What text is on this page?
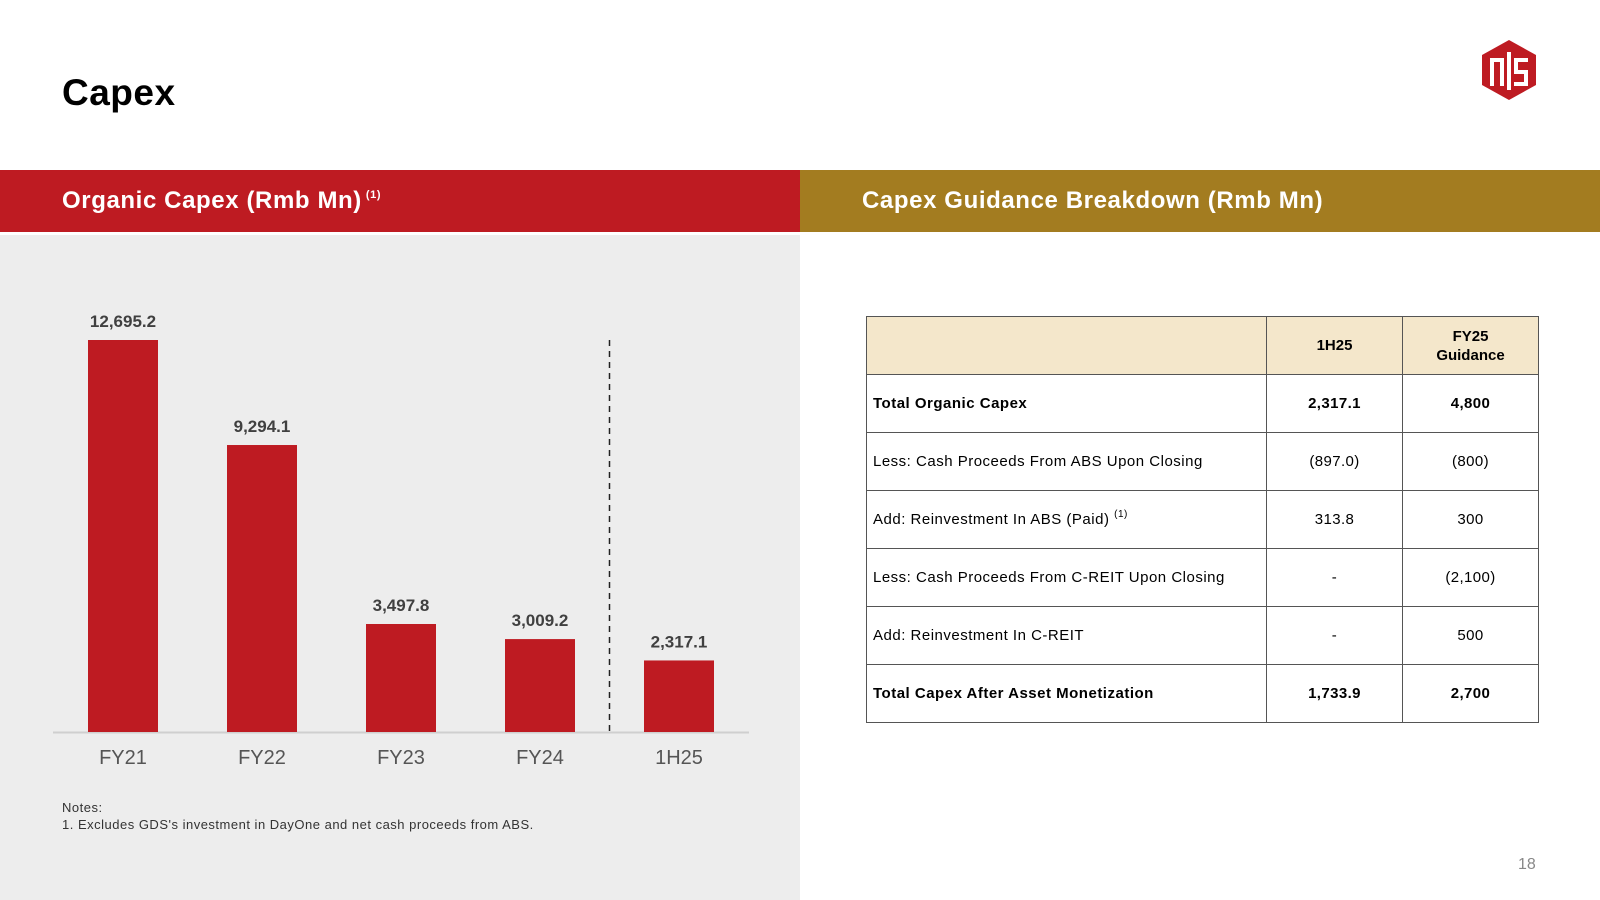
Capex
Organic Capex (Rmb Mn) $^{(1)}$	Capex Guidance Breakdown (Rmb Mn)
12,695.2
FY21
9,294.1
FY22
3,497.8
FY23
3,009.2
FY24
2,317.1
1H25
Notes:
1. Excludes GDS's investment in DayOne and net cash proceeds from ABS.
	1H25	FY25 Guidance
Total Organic Capex	2,317.1	4,800
Less: Cash Proceeds From ABS Upon Closing	(897.0)	(800)
Add: Reinvestment In ABS (Paid) $^{(1)}$	313.8	300
Less: Cash Proceeds From C-REIT Upon Closing	-	(2,100)
Add: Reinvestment In C-REIT	-	500
Total Capex After Asset Monetization	1,733.9	2,700
18
